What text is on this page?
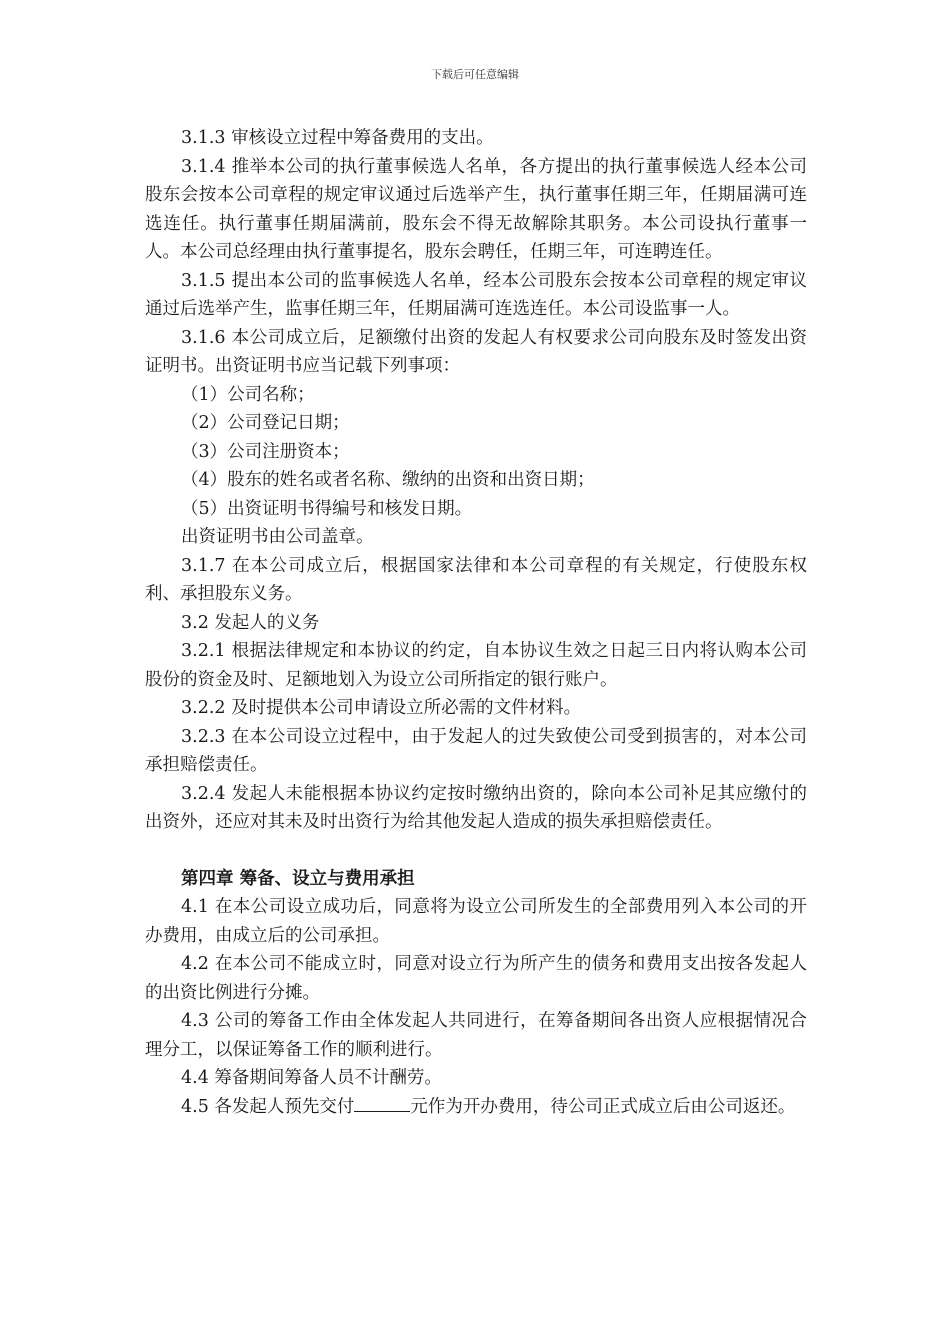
下载后可任意编辑

3.1.3 审核设立过程中筹备费用的支出。

3.1.4 推举本公司的执行董事候选人名单，各方提出的执行董事候选人经本公司股东会按本公司章程的规定审议通过后选举产生，执行董事任期三年，任期届满可连选连任。执行董事任期届满前，股东会不得无故解除其职务。本公司设执行董事一人。本公司总经理由执行董事提名，股东会聘任，任期三年，可连聘连任。

3.1.5 提出本公司的监事候选人名单，经本公司股东会按本公司章程的规定审议通过后选举产生，监事任期三年，任期届满可连选连任。本公司设监事一人。

3.1.6 本公司成立后，足额缴付出资的发起人有权要求公司向股东及时签发出资证明书。出资证明书应当记载下列事项：

（1）公司名称；

（2）公司登记日期；

（3）公司注册资本；

（4）股东的姓名或者名称、缴纳的出资和出资日期；

（5）出资证明书得编号和核发日期。

出资证明书由公司盖章。

3.1.7 在本公司成立后，根据国家法律和本公司章程的有关规定，行使股东权利、承担股东义务。

3.2 发起人的义务

3.2.1 根据法律规定和本协议的约定，自本协议生效之日起三日内将认购本公司股份的资金及时、足额地划入为设立公司所指定的银行账户。

3.2.2 及时提供本公司申请设立所必需的文件材料。

3.2.3 在本公司设立过程中，由于发起人的过失致使公司受到损害的，对本公司承担赔偿责任。

3.2.4 发起人未能根据本协议约定按时缴纳出资的，除向本公司补足其应缴付的出资外，还应对其未及时出资行为给其他发起人造成的损失承担赔偿责任。

第四章 筹备、设立与费用承担

4.1 在本公司设立成功后，同意将为设立公司所发生的全部费用列入本公司的开办费用，由成立后的公司承担。

4.2 在本公司不能成立时，同意对设立行为所产生的债务和费用支出按各发起人的出资比例进行分摊。

4.3 公司的筹备工作由全体发起人共同进行，在筹备期间各出资人应根据情况合理分工，以保证筹备工作的顺利进行。

4.4 筹备期间筹备人员不计酬劳。

4.5 各发起人预先交付	元作为开办费用，待公司正式成立后由公司返还。
